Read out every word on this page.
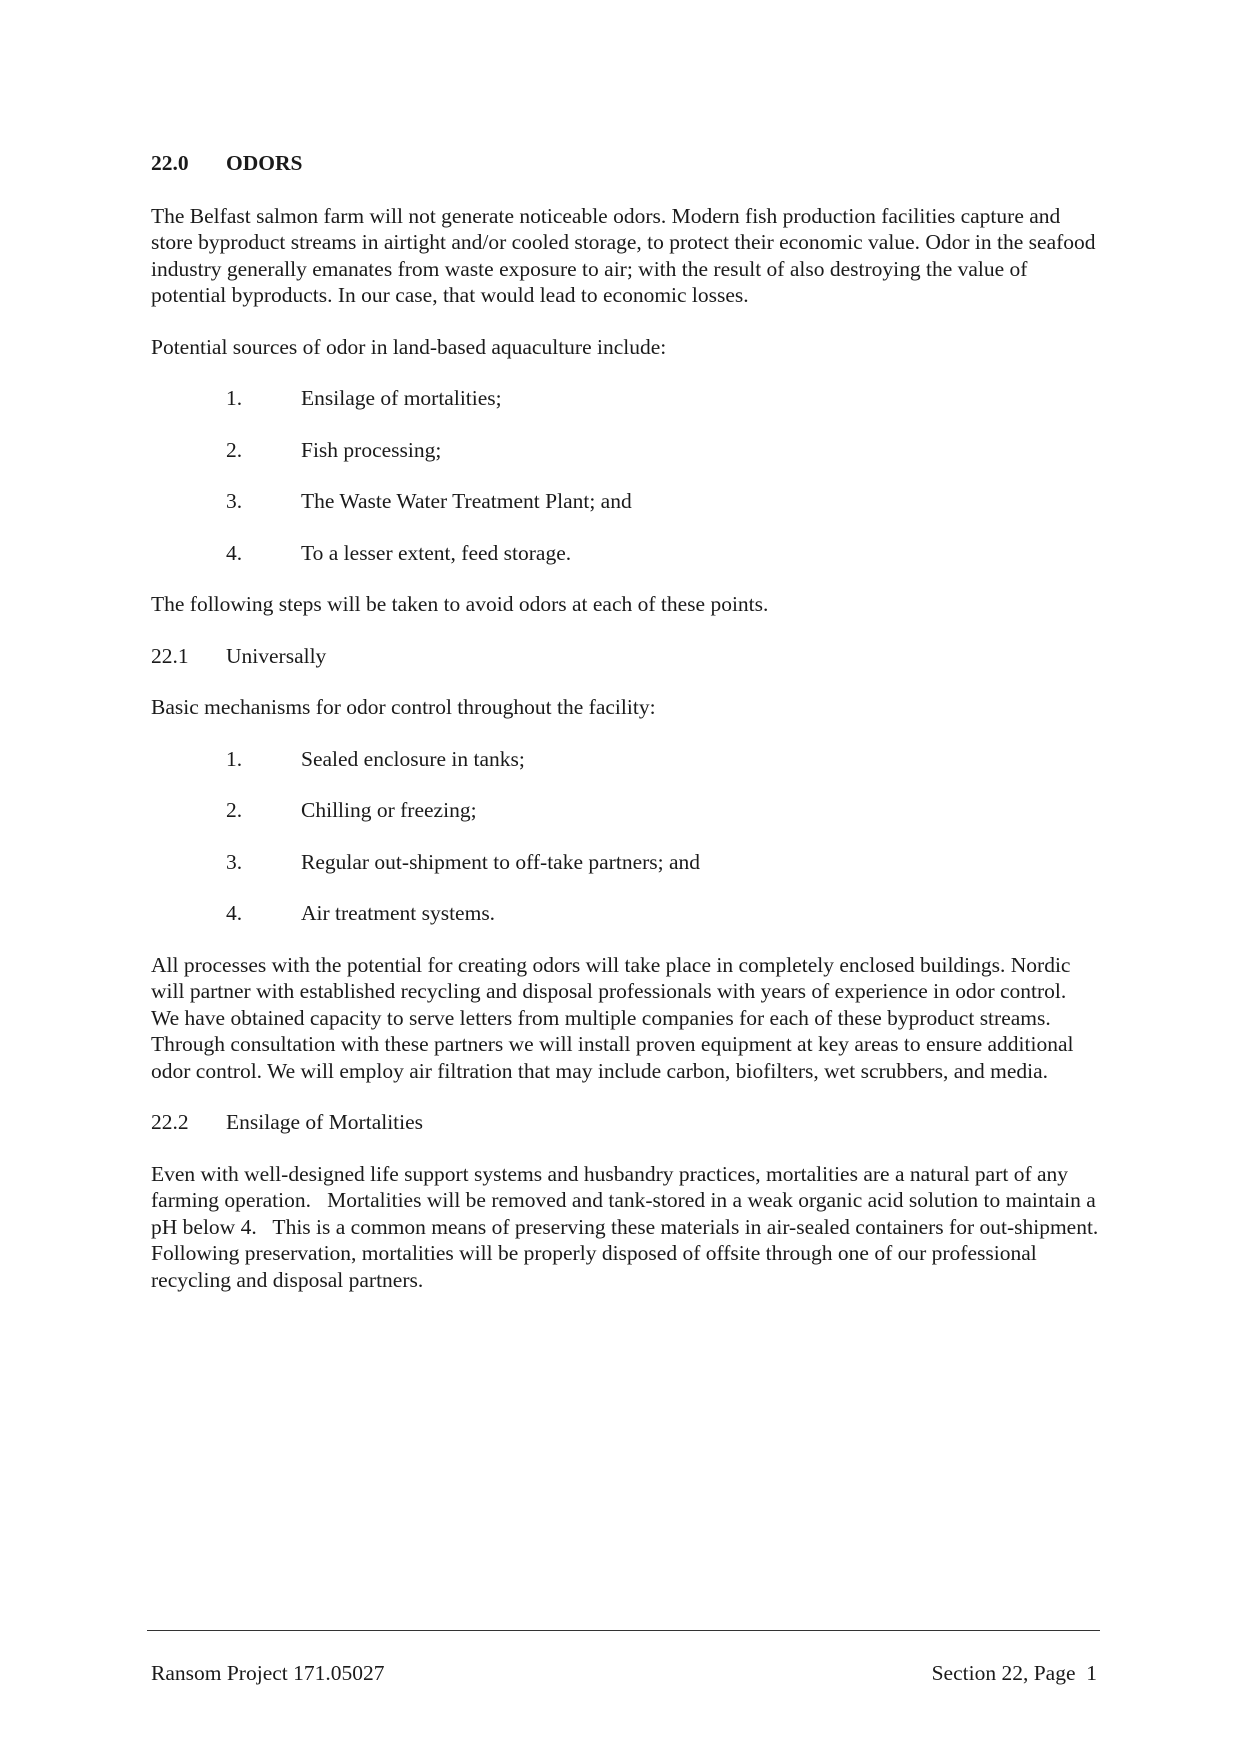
22.0	ODORS

The Belfast salmon farm will not generate noticeable odors. Modern fish production facilities capture and store byproduct streams in airtight and/or cooled storage, to protect their economic value. Odor in the seafood industry generally emanates from waste exposure to air; with the result of also destroying the value of potential byproducts. In our case, that would lead to economic losses.

Potential sources of odor in land-based aquaculture include:

1.	Ensilage of mortalities;
2.	Fish processing;
3.	The Waste Water Treatment Plant; and
4.	To a lesser extent, feed storage.

The following steps will be taken to avoid odors at each of these points.

22.1	Universally

Basic mechanisms for odor control throughout the facility:

1.	Sealed enclosure in tanks;
2.	Chilling or freezing;
3.	Regular out-shipment to off-take partners; and
4.	Air treatment systems.

All processes with the potential for creating odors will take place in completely enclosed buildings. Nordic will partner with established recycling and disposal professionals with years of experience in odor control.   We have obtained capacity to serve letters from multiple companies for each of these byproduct streams.   Through consultation with these partners we will install proven equipment at key areas to ensure additional odor control. We will employ air filtration that may include carbon, biofilters, wet scrubbers, and media.

22.2	Ensilage of Mortalities

Even with well-designed life support systems and husbandry practices, mortalities are a natural part of any farming operation.   Mortalities will be removed and tank-stored in a weak organic acid solution to maintain a pH below 4.   This is a common means of preserving these materials in air-sealed containers for out-shipment. Following preservation, mortalities will be properly disposed of offsite through one of our professional recycling and disposal partners.

Ransom Project 171.05027	Section 22, Page  1
